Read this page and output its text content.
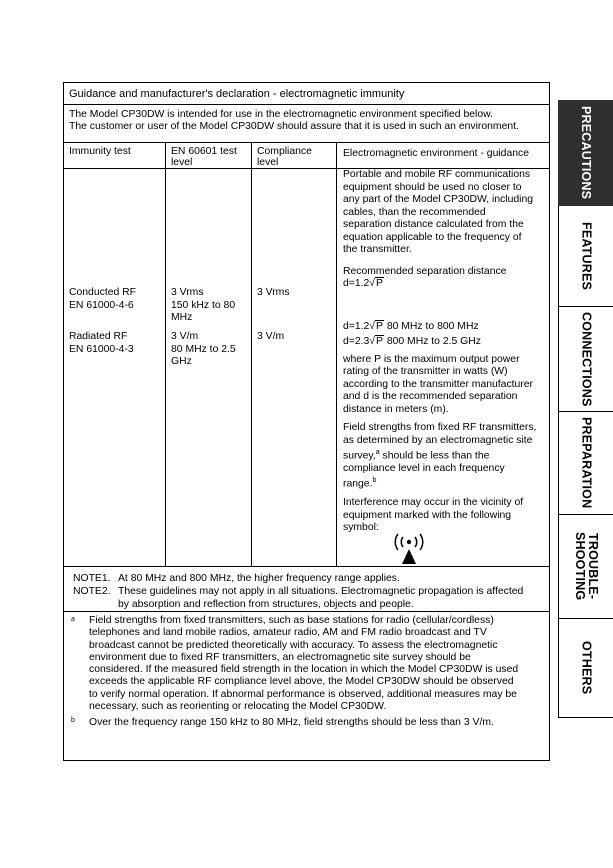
Guidance and manufacturer's declaration - electromagnetic immunity
The Model CP30DW is intended for use in the electromagnetic environment specified below.
The customer or user of the Model CP30DW should assure that it is used in such an environment.
Immunity test	EN 60601 test
level
Compliance
level
Electromagnetic environment - guidance
Conducted RF
EN 61000-4-6
3 Vrms
150 kHz to 80
MHz
3 Vrms
Radiated RF
EN 61000-4-3
3 V/m
80 MHz to 2.5
GHz
3 V/m
Portable and mobile RF communications
equipment should be used no closer to
any part of the Model CP30DW, including
cables, than the recommended
separation distance calculated from the
equation applicable to the frequency of
the transmitter.
Recommended separation distance
d=1.2√P
d=1.2√P 80 MHz to 800 MHz
d=2.3√P 800 MHz to 2.5 GHz
where P is the maximum output power
rating of the transmitter in watts (W)
according to the transmitter manufacturer
and d is the recommended separation
distance in meters (m).
Field strengths from fixed RF transmitters,
as determined by an electromagnetic site
survey,$^a$ should be less than the
compliance level in each frequency
range.$^b$
Interference may occur in the vicinity of
equipment marked with the following
symbol:
NOTE1. At 80 MHz and 800 MHz, the higher frequency range applies.
NOTE2. These guidelines may not apply in all situations. Electromagnetic propagation is affected
by absorption and reflection from structures, objects and people.
a Field strengths from fixed transmitters, such as base stations for radio (cellular/cordless)
telephones and land mobile radios, amateur radio, AM and FM radio broadcast and TV
broadcast cannot be predicted theoretically with accuracy. To assess the electromagnetic
environment due to fixed RF transmitters, an electromagnetic site survey should be
considered. If the measured field strength in the location in which the Model CP30DW is used
exceeds the applicable RF compliance level above, the Model CP30DW should be observed
to verify normal operation. If abnormal performance is observed, additional measures may be
necessary, such as reorienting or relocating the Model CP30DW.
b Over the frequency range 150 kHz to 80 MHz, field strengths should be less than 3 V/m.
PRECAUTIONS
FEATURES
CONNECTIONS
PREPARATION
TROUBLE-
SHOOTING
OTHERS
